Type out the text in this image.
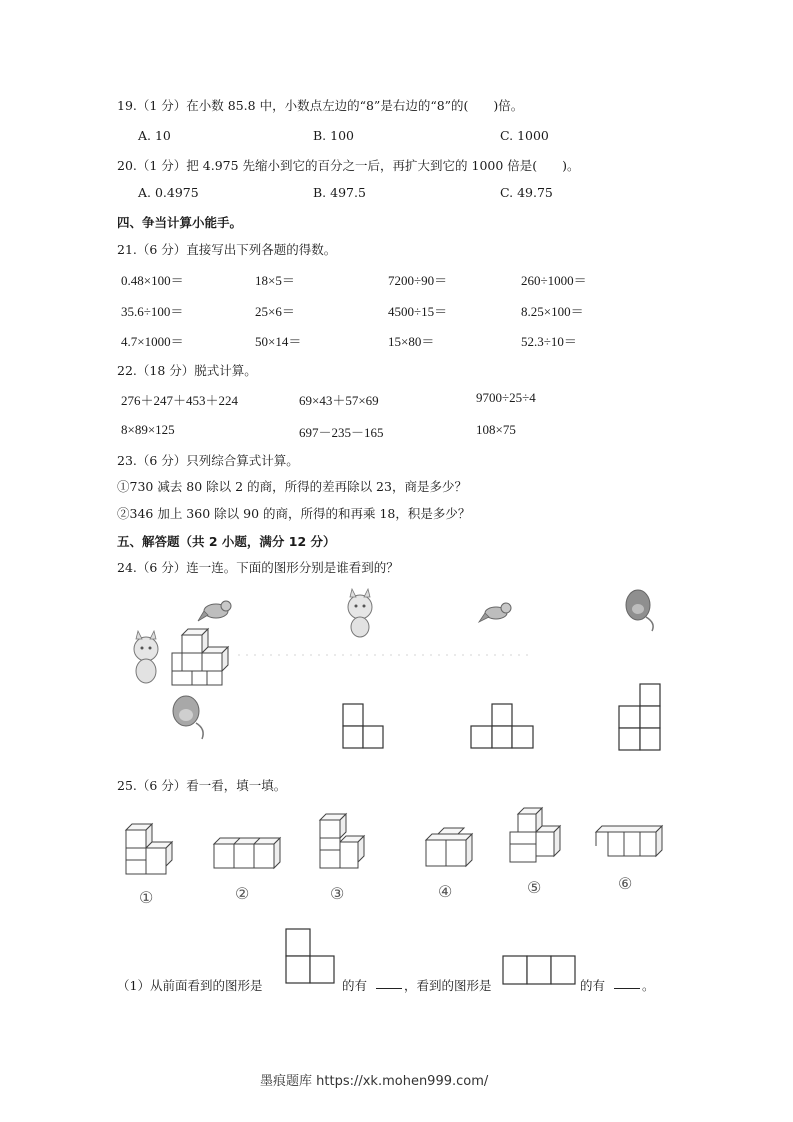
19.（1 分）在小数 85.8 中，小数点左边的“8”是右边的“8”的(　　)倍。
A. 10	B. 100	C. 1000
20.（1 分）把 4.975 先缩小到它的百分之一后，再扩大到它的 1000 倍是(　　)。
A. 0.4975	B. 497.5	C. 49.75
四、争当计算小能手。
21.（6 分）直接写出下列各题的得数。
0.48×100＝	18×5＝	7200÷90＝	260÷1000＝
35.6÷100＝	25×6＝	4500÷15＝	8.25×100＝
4.7×1000＝	50×14＝	15×80＝	52.3÷10＝
22.（18 分）脱式计算。
276＋247＋453＋224	69×43＋57×69	9700÷25÷4
8×89×125	697－235－165	108×75
23.（6 分）只列综合算式计算。
①730 减去 80 除以 2 的商，所得的差再除以 23，商是多少？
②346 加上 360 除以 90 的商，所得的和再乘 18，积是多少？
五、解答题（共 2 小题，满分 12 分）
24.（6 分）连一连。下面的图形分别是谁看到的？
25.（6 分）看一看，填一填。
①	②	③	④	⑤	⑥
（1）从前面看到的图形是	的有	，看到的图形是	的有	。
墨痕题库 https://xk.mohen999.com/
